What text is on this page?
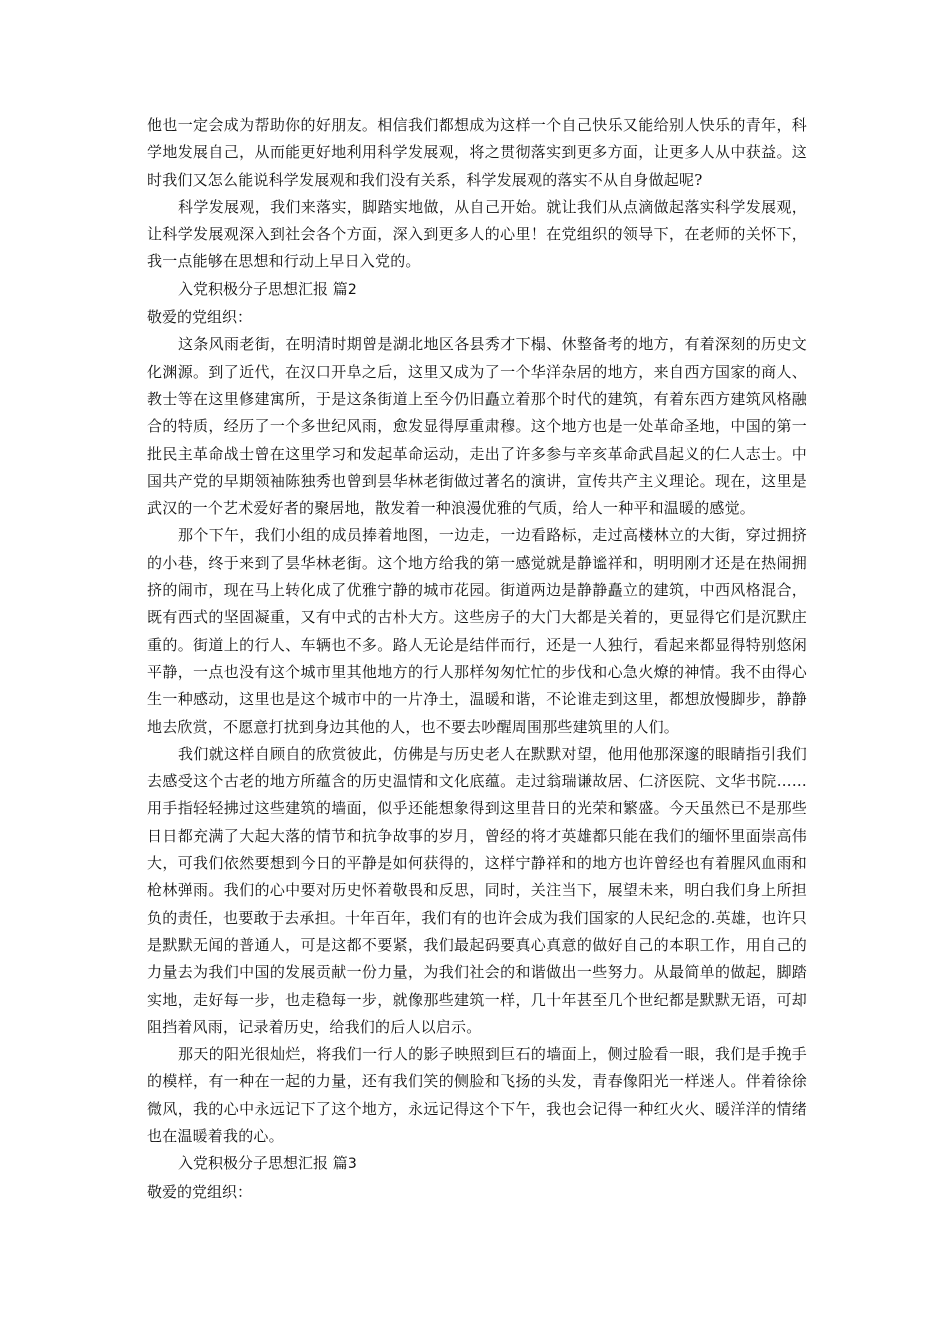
他也一定会成为帮助你的好朋友。相信我们都想成为这样一个自己快乐又能给别人快乐的青年，科学地发展自己，从而能更好地利用科学发展观，将之贯彻落实到更多方面，让更多人从中获益。这时我们又怎么能说科学发展观和我们没有关系，科学发展观的落实不从自身做起呢?

科学发展观，我们来落实，脚踏实地做，从自己开始。就让我们从点滴做起落实科学发展观，让科学发展观深入到社会各个方面，深入到更多人的心里！在党组织的领导下，在老师的关怀下，我一点能够在思想和行动上早日入党的。

入党积极分子思想汇报 篇2

敬爱的党组织：

这条风雨老街，在明清时期曾是湖北地区各县秀才下榻、休整备考的地方，有着深刻的历史文化渊源。到了近代，在汉口开阜之后，这里又成为了一个华洋杂居的地方，来自西方国家的商人、教士等在这里修建寓所，于是这条街道上至今仍旧矗立着那个时代的建筑，有着东西方建筑风格融合的特质，经历了一个多世纪风雨，愈发显得厚重肃穆。这个地方也是一处革命圣地，中国的第一批民主革命战士曾在这里学习和发起革命运动，走出了许多参与辛亥革命武昌起义的仁人志士。中国共产党的早期领袖陈独秀也曾到昙华林老街做过著名的演讲，宣传共产主义理论。现在，这里是武汉的一个艺术爱好者的聚居地，散发着一种浪漫优雅的气质，给人一种平和温暖的感觉。

那个下午，我们小组的成员捧着地图，一边走，一边看路标，走过高楼林立的大街，穿过拥挤的小巷，终于来到了昙华林老街。这个地方给我的第一感觉就是静谧祥和，明明刚才还是在热闹拥挤的闹市，现在马上转化成了优雅宁静的城市花园。街道两边是静静矗立的建筑，中西风格混合，既有西式的坚固凝重，又有中式的古朴大方。这些房子的大门大都是关着的，更显得它们是沉默庄重的。街道上的行人、车辆也不多。路人无论是结伴而行，还是一人独行，看起来都显得特别悠闲平静，一点也没有这个城市里其他地方的行人那样匆匆忙忙的步伐和心急火燎的神情。我不由得心生一种感动，这里也是这个城市中的一片净土，温暖和谐，不论谁走到这里，都想放慢脚步，静静地去欣赏，不愿意打扰到身边其他的人，也不要去吵醒周围那些建筑里的人们。

我们就这样自顾自的欣赏彼此，仿佛是与历史老人在默默对望，他用他那深邃的眼睛指引我们去感受这个古老的地方所蕴含的历史温情和文化底蕴。走过翁瑞谦故居、仁济医院、文华书院……用手指轻轻拂过这些建筑的墙面，似乎还能想象得到这里昔日的光荣和繁盛。今天虽然已不是那些日日都充满了大起大落的情节和抗争故事的岁月，曾经的将才英雄都只能在我们的缅怀里面崇高伟大，可我们依然要想到今日的平静是如何获得的，这样宁静祥和的地方也许曾经也有着腥风血雨和枪林弹雨。我们的心中要对历史怀着敬畏和反思，同时，关注当下，展望未来，明白我们身上所担负的责任，也要敢于去承担。十年百年，我们有的也许会成为我们国家的人民纪念的.英雄，也许只是默默无闻的普通人，可是这都不要紧，我们最起码要真心真意的做好自己的本职工作，用自己的力量去为我们中国的发展贡献一份力量，为我们社会的和谐做出一些努力。从最简单的做起，脚踏实地，走好每一步，也走稳每一步，就像那些建筑一样，几十年甚至几个世纪都是默默无语，可却阻挡着风雨，记录着历史，给我们的后人以启示。

那天的阳光很灿烂，将我们一行人的影子映照到巨石的墙面上，侧过脸看一眼，我们是手挽手的模样，有一种在一起的力量，还有我们笑的侧脸和飞扬的头发，青春像阳光一样迷人。伴着徐徐微风，我的心中永远记下了这个地方，永远记得这个下午，我也会记得一种红火火、暖洋洋的情绪也在温暖着我的心。

入党积极分子思想汇报 篇3

敬爱的党组织：
